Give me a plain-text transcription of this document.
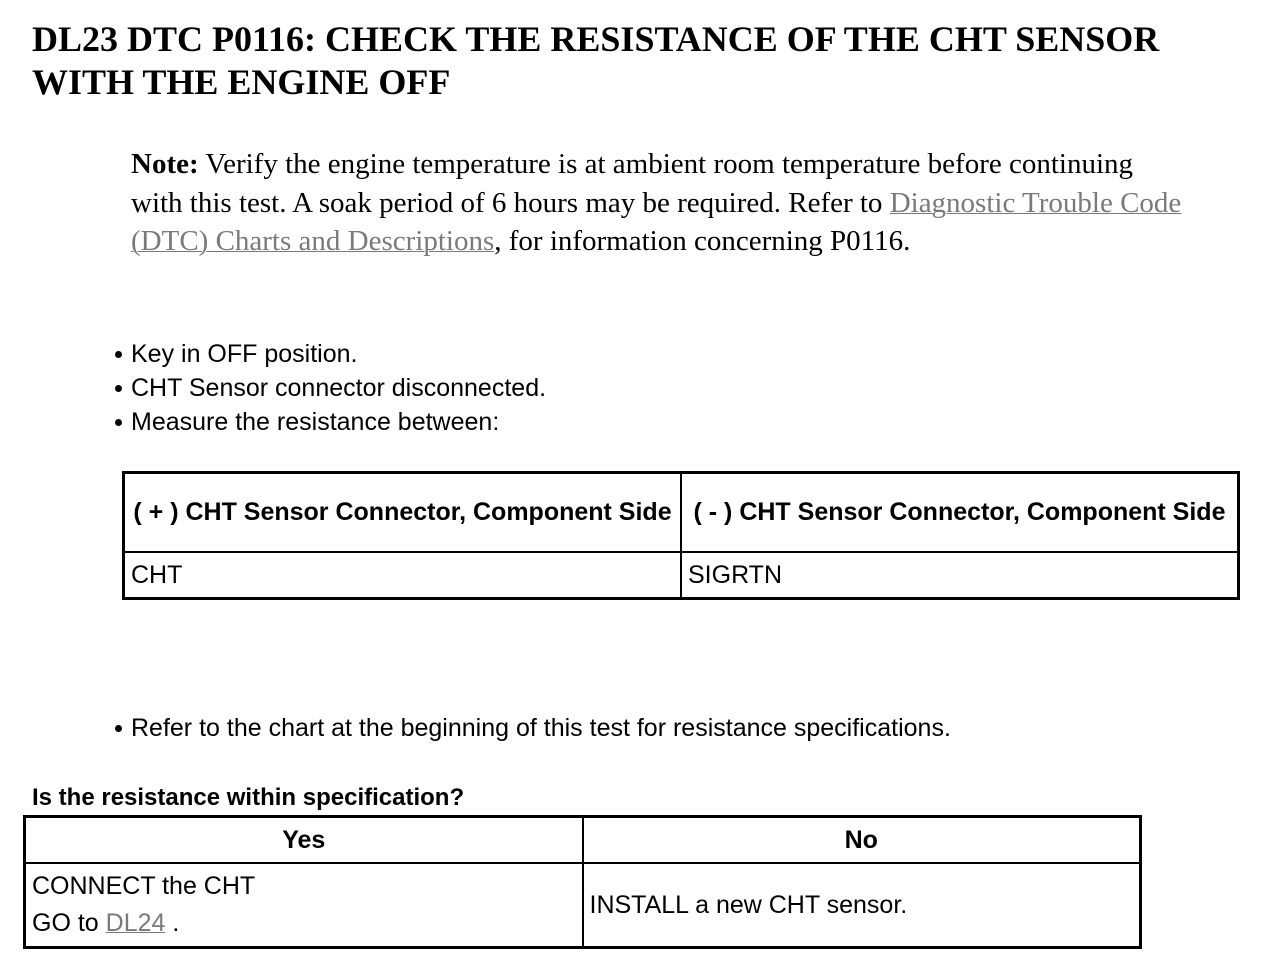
DL23 DTC P0116: CHECK THE RESISTANCE OF THE CHT SENSOR WITH THE ENGINE OFF

Note: Verify the engine temperature is at ambient room temperature before continuing with this test. A soak period of 6 hours may be required. Refer to Diagnostic Trouble Code (DTC) Charts and Descriptions, for information concerning P0116.

Key in OFF position.
CHT Sensor connector disconnected.
Measure the resistance between:
( + ) CHT Sensor Connector, Component Side	( - ) CHT Sensor Connector, Component Side
CHT	SIGRTN

Refer to the chart at the beginning of this test for resistance specifications.

Is the resistance within specification?

Yes	No
CONNECT the CHT
GO to DL24 .	INSTALL a new CHT sensor.
